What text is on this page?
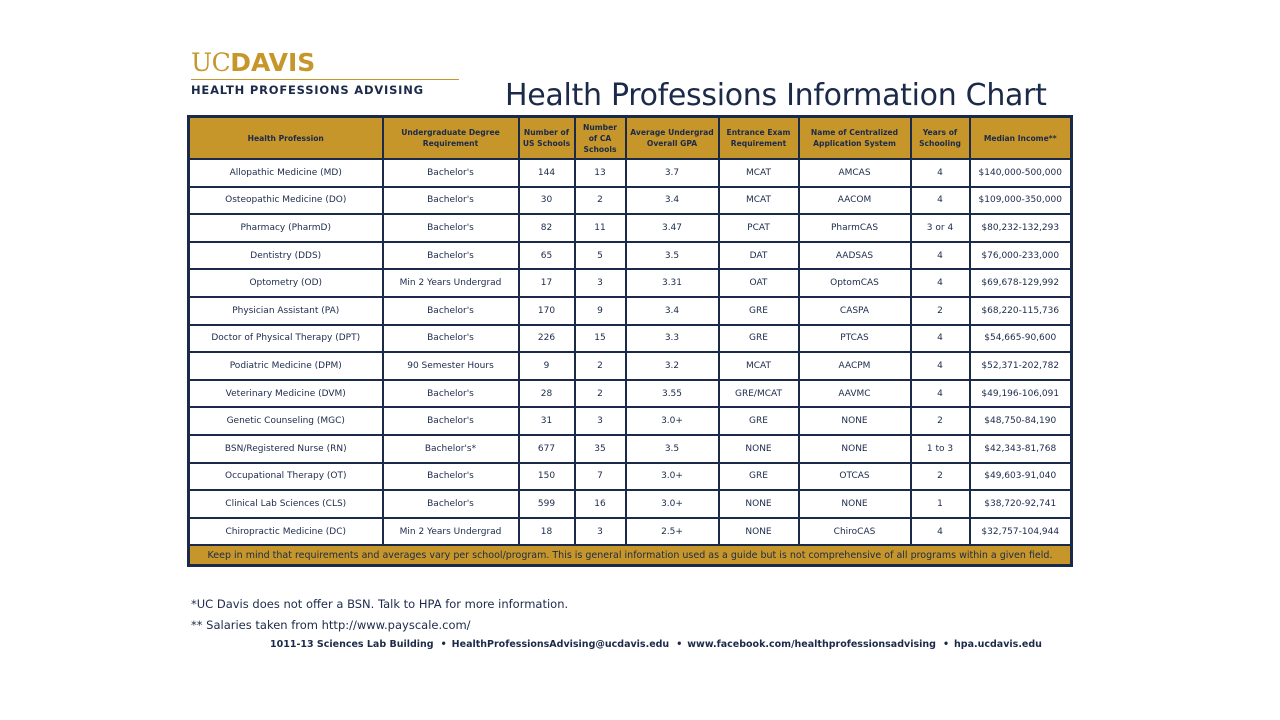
UCDAVIS
HEALTH PROFESSIONS ADVISING	Health Professions Information Chart
Health Profession	Undergraduate Degree Requirement	Number of US Schools	Number of CA Schools	Average Undergrad Overall GPA	Entrance Exam Requirement	Name of Centralized Application System	Years of Schooling	Median Income**
Allopathic Medicine (MD)	Bachelor's	144	13	3.7	MCAT	AMCAS	4	$140,000-500,000
Osteopathic Medicine (DO)	Bachelor's	30	2	3.4	MCAT	AACOM	4	$109,000-350,000
Pharmacy (PharmD)	Bachelor's	82	11	3.47	PCAT	PharmCAS	3 or 4	$80,232-132,293
Dentistry (DDS)	Bachelor's	65	5	3.5	DAT	AADSAS	4	$76,000-233,000
Optometry (OD)	Min 2 Years Undergrad	17	3	3.31	OAT	OptomCAS	4	$69,678-129,992
Physician Assistant (PA)	Bachelor's	170	9	3.4	GRE	CASPA	2	$68,220-115,736
Doctor of Physical Therapy (DPT)	Bachelor's	226	15	3.3	GRE	PTCAS	4	$54,665-90,600
Podiatric Medicine (DPM)	90 Semester Hours	9	2	3.2	MCAT	AACPM	4	$52,371-202,782
Veterinary Medicine (DVM)	Bachelor's	28	2	3.55	GRE/MCAT	AAVMC	4	$49,196-106,091
Genetic Counseling (MGC)	Bachelor's	31	3	3.0+	GRE	NONE	2	$48,750-84,190
BSN/Registered Nurse (RN)	Bachelor's*	677	35	3.5	NONE	NONE	1 to 3	$42,343-81,768
Occupational Therapy (OT)	Bachelor's	150	7	3.0+	GRE	OTCAS	2	$49,603-91,040
Clinical Lab Sciences (CLS)	Bachelor's	599	16	3.0+	NONE	NONE	1	$38,720-92,741
Chiropractic Medicine (DC)	Min 2 Years Undergrad	18	3	2.5+	NONE	ChiroCAS	4	$32,757-104,944
Keep in mind that requirements and averages vary per school/program. This is general information used as a guide but is not comprehensive of all programs within a given field.								
*UC Davis does not offer a BSN. Talk to HPA for more information.
** Salaries taken from http://www.payscale.com/
1011-13 Sciences Lab Building • HealthProfessionsAdvising@ucdavis.edu • www.facebook.com/healthprofessionsadvising • hpa.ucdavis.edu
